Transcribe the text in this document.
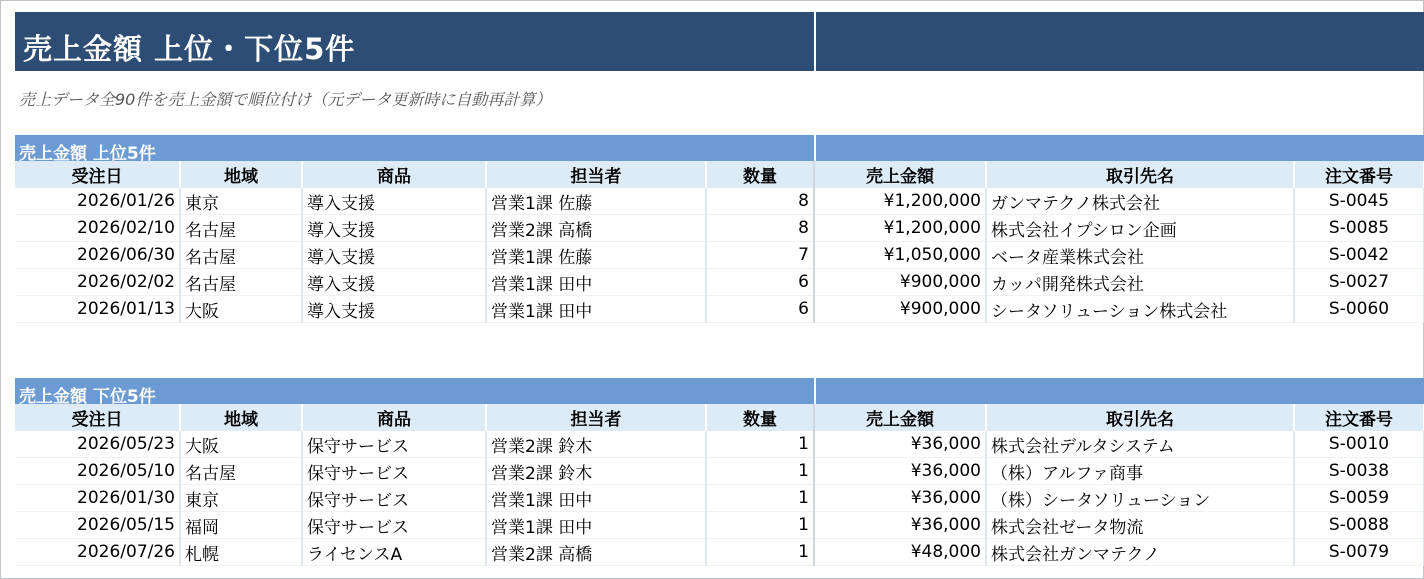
売上金額 上位・下位5件
売上データ全90件を売上金額で順位付け（元データ更新時に自動再計算）
売上金額 上位5件
受注日	地域	商品	担当者	数量	売上金額	取引先名	注文番号
2026/01/26	東京	導入支援	営業1課 佐藤	8	¥1,200,000	ガンマテクノ株式会社	S-0045
2026/02/10	名古屋	導入支援	営業2課 高橋	8	¥1,200,000	株式会社イプシロン企画	S-0085
2026/06/30	名古屋	導入支援	営業1課 佐藤	7	¥1,050,000	ベータ産業株式会社	S-0042
2026/02/02	名古屋	導入支援	営業1課 田中	6	¥900,000	カッパ開発株式会社	S-0027
2026/01/13	大阪	導入支援	営業1課 田中	6	¥900,000	シータソリューション株式会社	S-0060
売上金額 下位5件
受注日	地域	商品	担当者	数量	売上金額	取引先名	注文番号
2026/05/23	大阪	保守サービス	営業2課 鈴木	1	¥36,000	株式会社デルタシステム	S-0010
2026/05/10	名古屋	保守サービス	営業2課 鈴木	1	¥36,000	（株）アルファ商事	S-0038
2026/01/30	東京	保守サービス	営業1課 田中	1	¥36,000	（株）シータソリューション	S-0059
2026/05/15	福岡	保守サービス	営業1課 田中	1	¥36,000	株式会社ゼータ物流	S-0088
2026/07/26	札幌	ライセンスA	営業2課 高橋	1	¥48,000	株式会社ガンマテクノ	S-0079
